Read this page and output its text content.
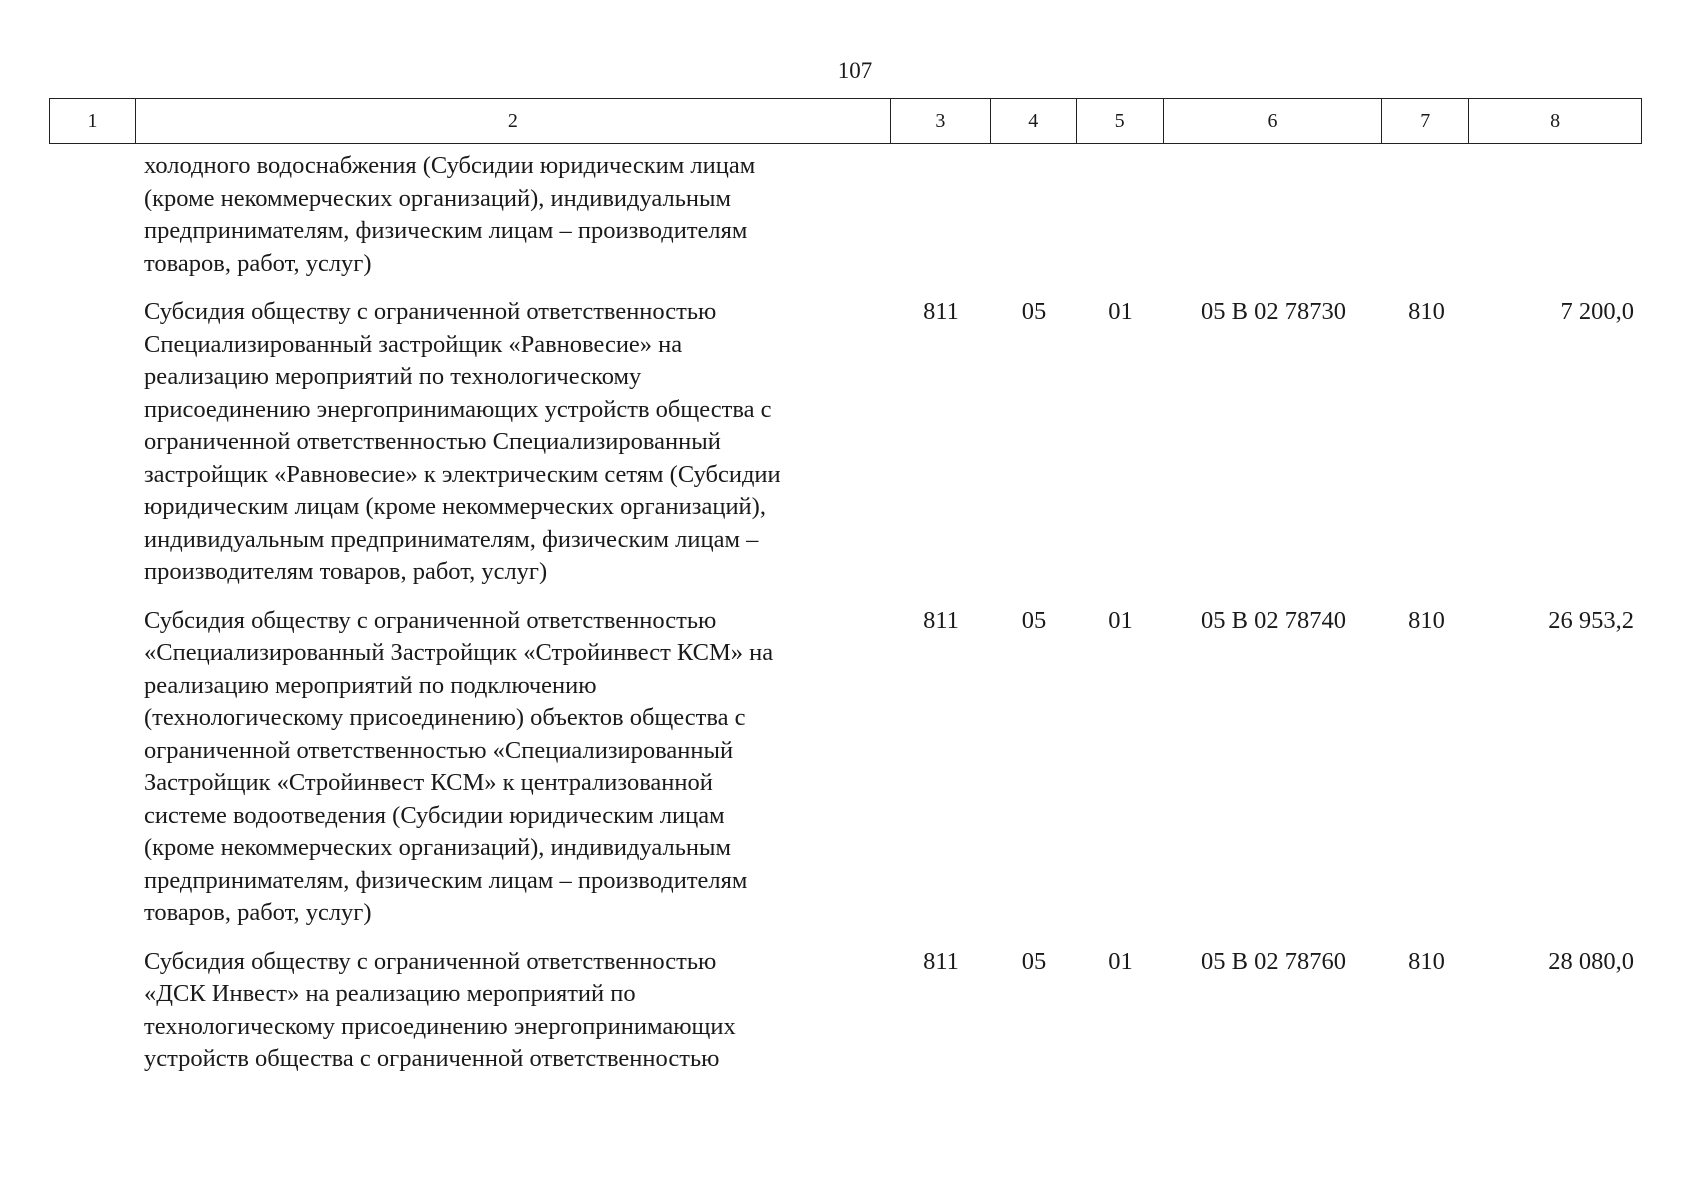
107
1	2	3	4	5	6	7	8
холодного водоснабжения (Субсидии юридическим лицам
(кроме некоммерческих организаций), индивидуальным
предпринимателям, физическим лицам – производителям
товаров, работ, услуг)
Субсидия обществу с ограниченной ответственностью
Специализированный застройщик «Равновесие» на
реализацию мероприятий по технологическому
присоединению энергопринимающих устройств общества с
ограниченной ответственностью Специализированный
застройщик «Равновесие» к электрическим сетям (Субсидии
юридическим лицам (кроме некоммерческих организаций),
индивидуальным предпринимателям, физическим лицам –
производителям товаров, работ, услуг)
811	05	01	05 В 02 78730	810	7 200,0
Субсидия обществу с ограниченной ответственностью
«Специализированный Застройщик «Стройинвест КСМ» на
реализацию мероприятий по подключению
(технологическому присоединению) объектов общества с
ограниченной ответственностью «Специализированный
Застройщик «Стройинвест КСМ» к централизованной
системе водоотведения (Субсидии юридическим лицам
(кроме некоммерческих организаций), индивидуальным
предпринимателям, физическим лицам – производителям
товаров, работ, услуг)
811	05	01	05 В 02 78740	810	26 953,2
Субсидия обществу с ограниченной ответственностью
«ДСК Инвест» на реализацию мероприятий по
технологическому присоединению энергопринимающих
устройств общества с ограниченной ответственностью
811	05	01	05 В 02 78760	810	28 080,0
